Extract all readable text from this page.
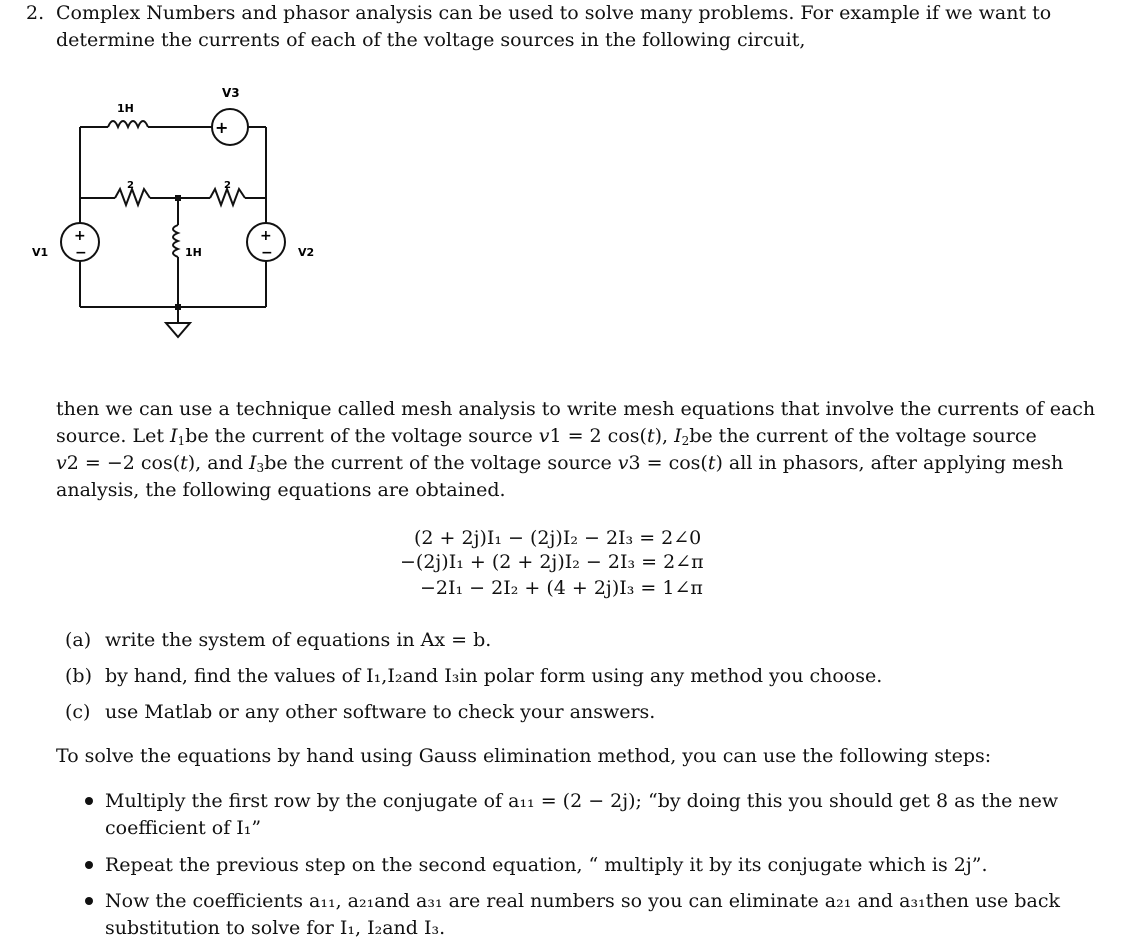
2. Complex Numbers and phasor analysis can be used to solve many problems. For example if we want to
determine the currents of each of the voltage sources in the following circuit,
V3
1H
2	2
V1	1H	V2
+
+
−
+
−
then we can use a technique called mesh analysis to write mesh equations that involve the currents of each
source. Let $I_1be$ the current of the voltage source v1 = 2 cos(t), $I_2be$ the current of the voltage source
v2 = −2 cos(t), and $I_3be$ the current of the voltage source v3 = cos(t) all in phasors, after applying mesh
analysis, the following equations are obtained.
(2 + 2j)I₁ − (2j)I₂ − 2I₃ = 2∠0
−(2j)I₁ + (2 + 2j)I₂ − 2I₃ = 2∠π
−2I₁ − 2I₂ + (4 + 2j)I₃ = 1∠π
(a) write the system of equations in Ax = b.
(b) by hand, find the values of I₁,I₂and I₃in polar form using any method you choose.
(c) use Matlab or any other software to check your answers.
To solve the equations by hand using Gauss elimination method, you can use the following steps:
Multiply the first row by the conjugate of a₁₁ = (2 − 2j); “by doing this you should get 8 as the new
coefficient of I₁”
Repeat the previous step on the second equation, “ multiply it by its conjugate which is 2j”.
Now the coefficients a₁₁, a₂₁and a₃₁ are real numbers so you can eliminate a₂₁ and a₃₁then use back
substitution to solve for I₁, I₂and I₃.
